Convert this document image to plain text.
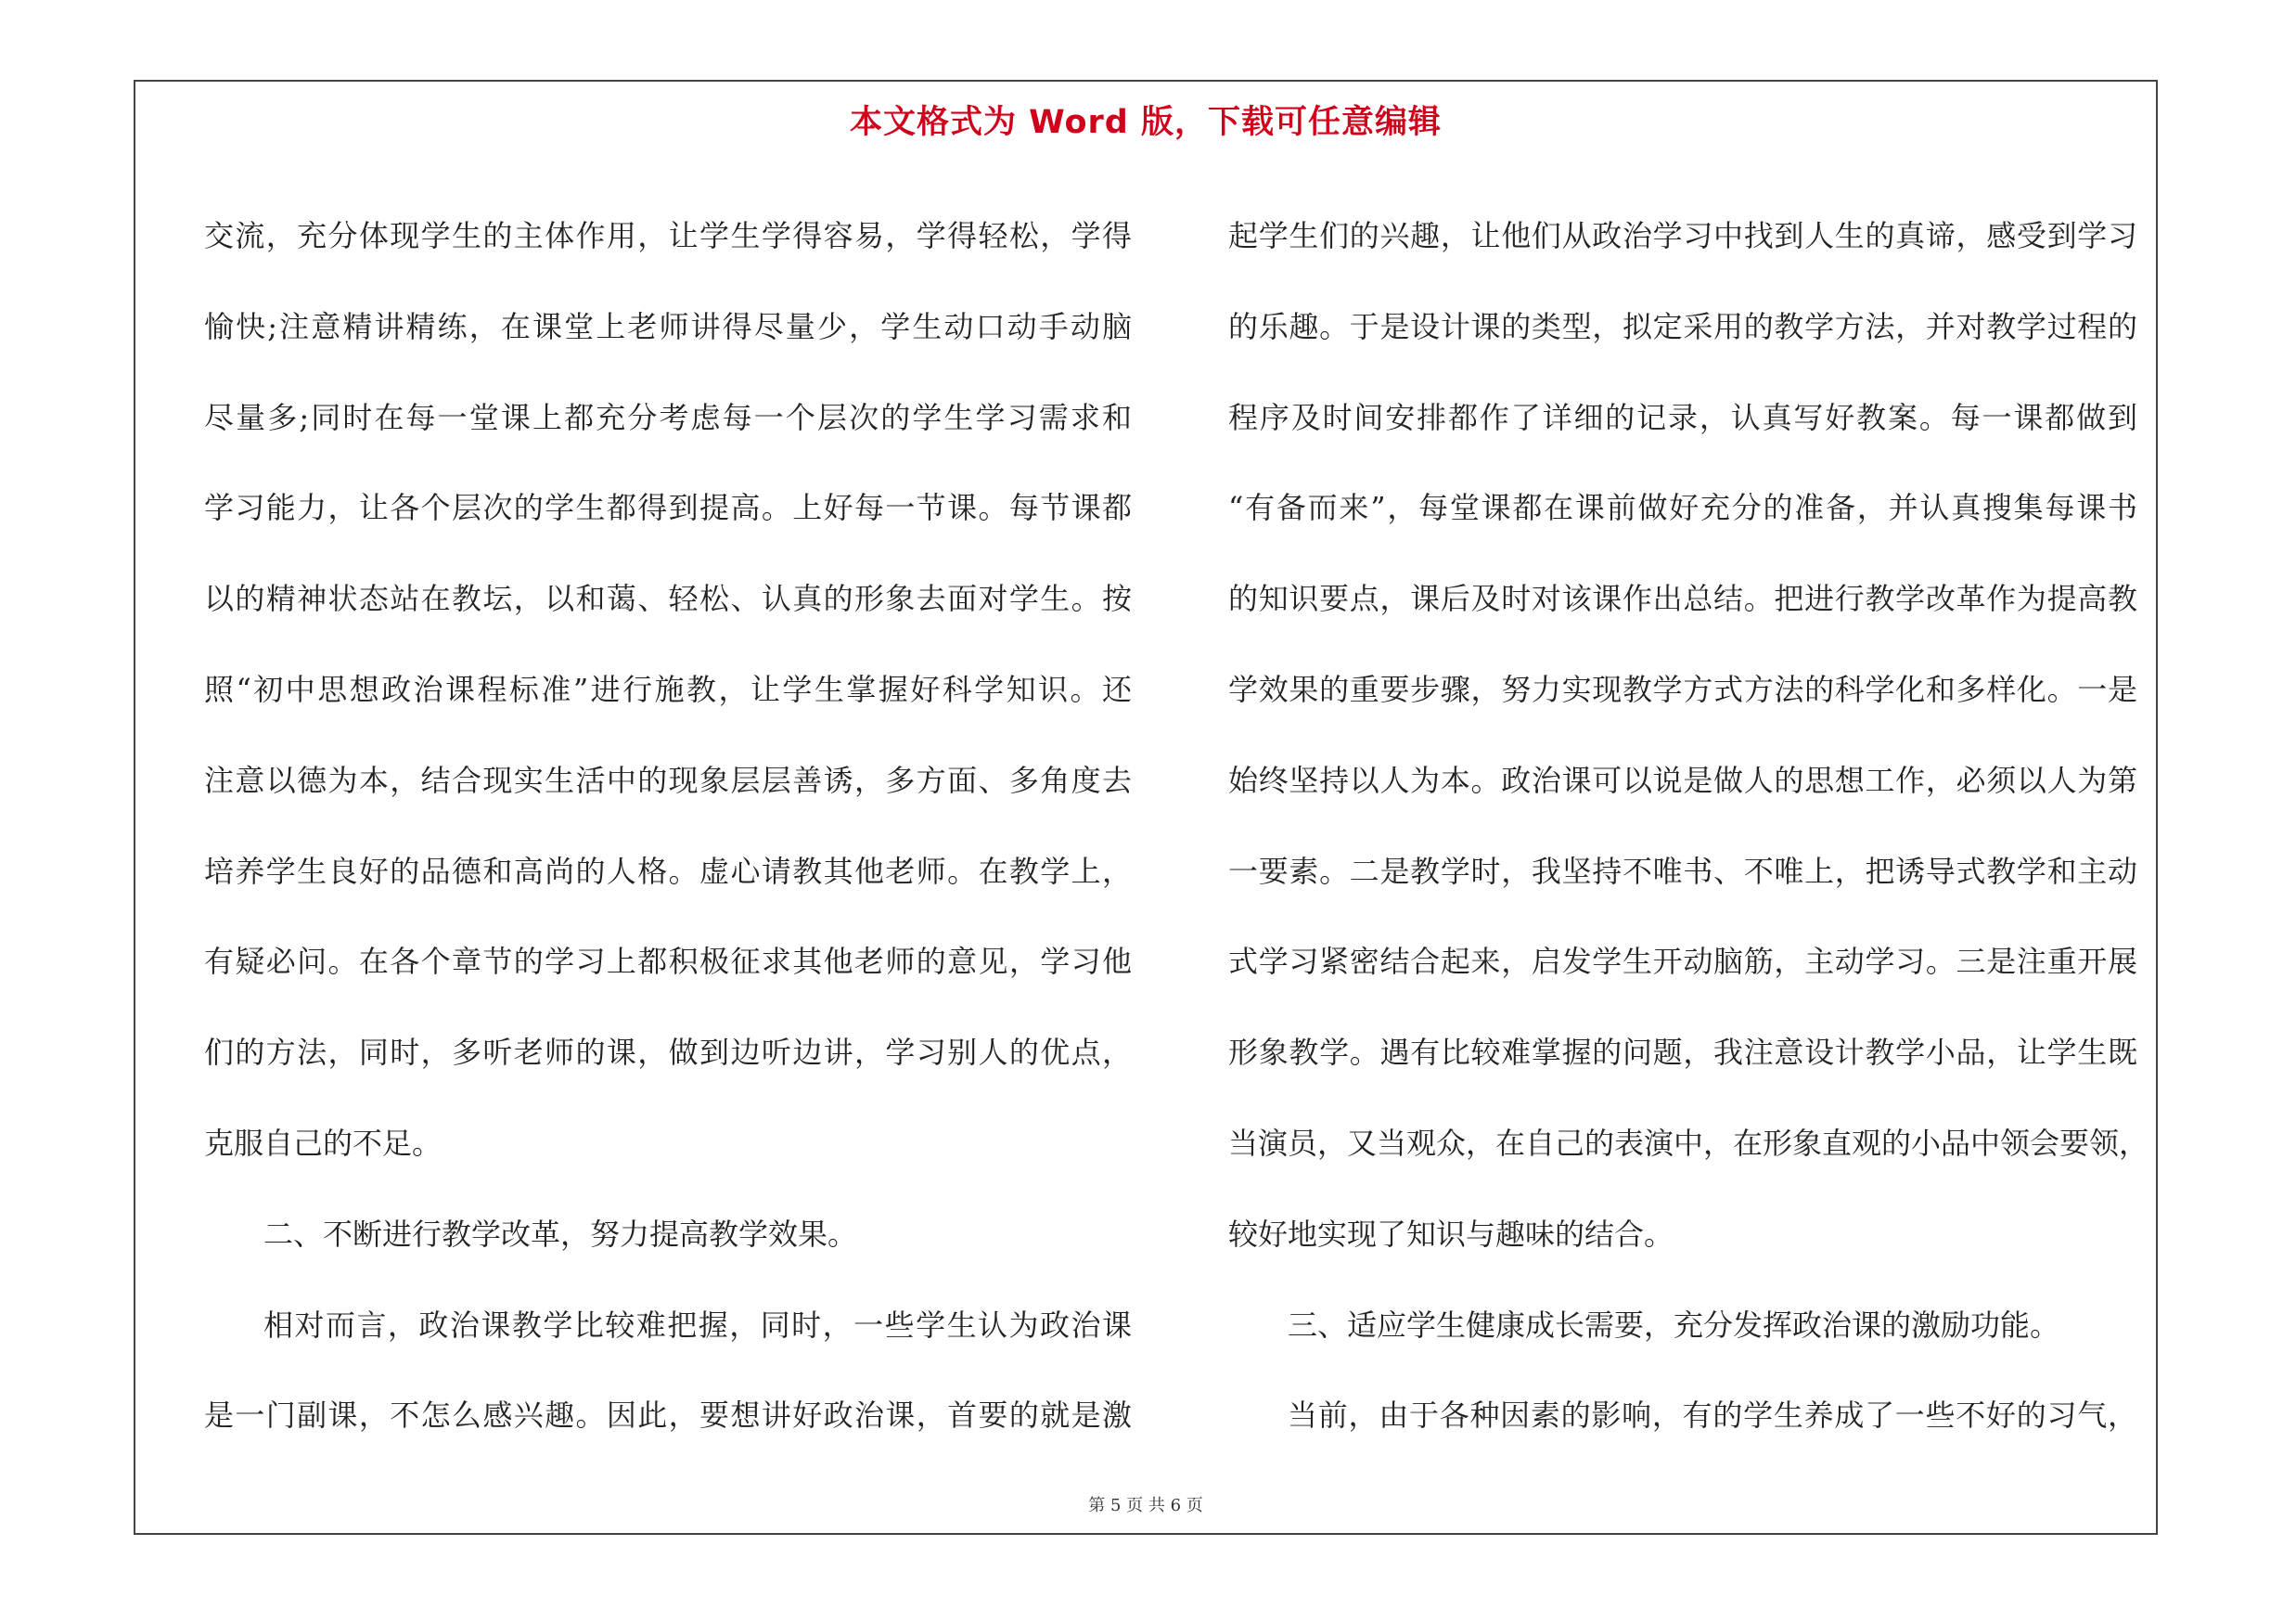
本文格式为 Word 版，下载可任意编辑
交流，充分体现学生的主体作用，让学生学得容易，学得轻松，学得
愉快;注意精讲精练，在课堂上老师讲得尽量少，学生动口动手动脑
尽量多;同时在每一堂课上都充分考虑每一个层次的学生学习需求和
学习能力，让各个层次的学生都得到提高。上好每一节课。每节课都
以的精神状态站在教坛，以和蔼、轻松、认真的形象去面对学生。按
照“初中思想政治课程标准”进行施教，让学生掌握好科学知识。还
注意以德为本，结合现实生活中的现象层层善诱，多方面、多角度去
培养学生良好的品德和高尚的人格。虚心请教其他老师。在教学上，
有疑必问。在各个章节的学习上都积极征求其他老师的意见，学习他
们的方法，同时，多听老师的课，做到边听边讲，学习别人的优点，
克服自己的不足。
二、不断进行教学改革，努力提高教学效果。
相对而言，政治课教学比较难把握，同时，一些学生认为政治课
是一门副课，不怎么感兴趣。因此，要想讲好政治课，首要的就是激
起学生们的兴趣，让他们从政治学习中找到人生的真谛，感受到学习
的乐趣。于是设计课的类型，拟定采用的教学方法，并对教学过程的
程序及时间安排都作了详细的记录，认真写好教案。每一课都做到
“有备而来”，每堂课都在课前做好充分的准备，并认真搜集每课书
的知识要点，课后及时对该课作出总结。把进行教学改革作为提高教
学效果的重要步骤，努力实现教学方式方法的科学化和多样化。一是
始终坚持以人为本。政治课可以说是做人的思想工作，必须以人为第
一要素。二是教学时，我坚持不唯书、不唯上，把诱导式教学和主动
式学习紧密结合起来，启发学生开动脑筋，主动学习。三是注重开展
形象教学。遇有比较难掌握的问题，我注意设计教学小品，让学生既
当演员，又当观众，在自己的表演中，在形象直观的小品中领会要领，
较好地实现了知识与趣味的结合。
三、适应学生健康成长需要，充分发挥政治课的激励功能。
当前，由于各种因素的影响，有的学生养成了一些不好的习气，
第 5 页 共 6 页
